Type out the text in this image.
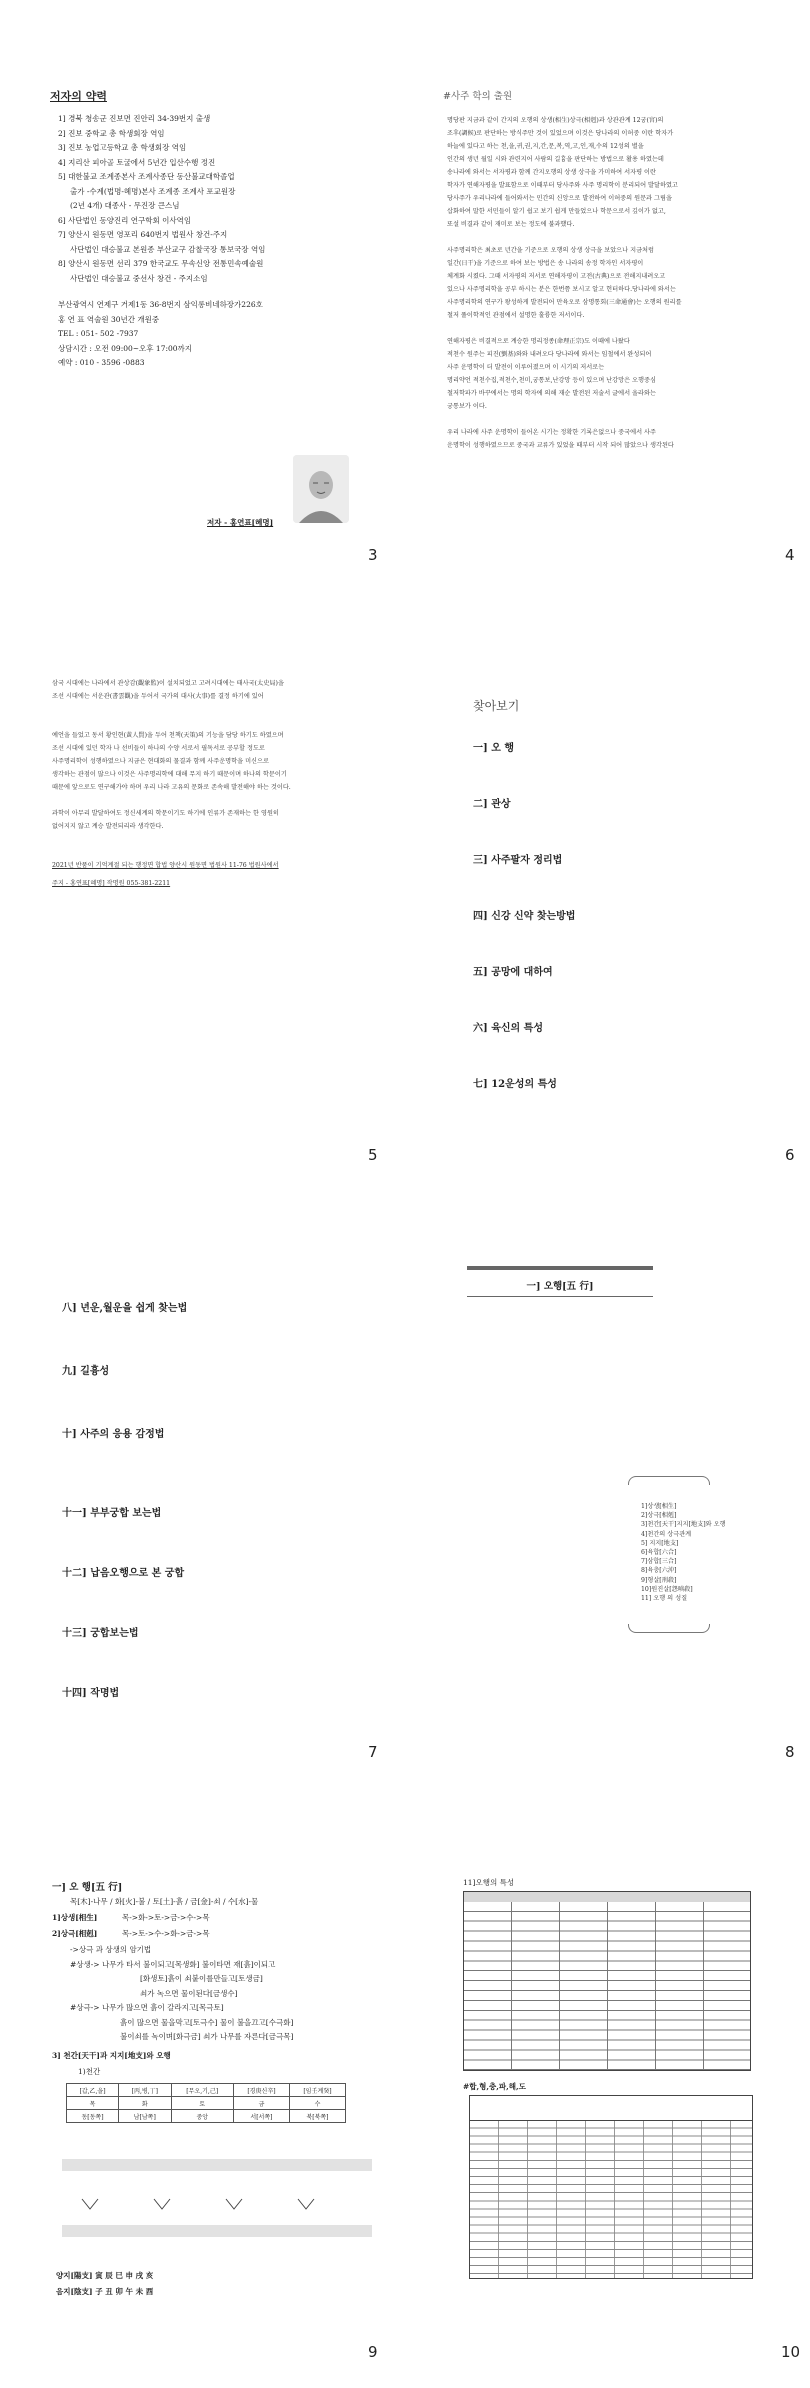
저자의 약력
1] 경북 청송군 진보면 진안리 34-39번지 출생
2] 진보 중학교 총 학생회장 역임
3] 진보 농업고등학교 총 학생회장 역임
4] 지리산 피아골 토굴에서 5년간 입산수행 정진
5] 대한불교 조계종본사 조계사종단 동산불교대학졸업
출가 -수계(법명-혜명)본사 조계종 조계사 포교원장
(2년 4개) 대종사 - 무진장 큰스님
6] 사단법인 동양진리 연구학회 이사역임
7] 양산시 원동면 영포리 640번지 법원사 창건-주지
사단법인 대승불교 본원종 부산교구 감찰국장 통보국장 역임
8] 양산시 원동면 선리 379 한국교도 무속신앙 전통민속예술원
사단법인 대승불교 중선사 창건 - 주지소임
부산광역시 연제구 거제1동 36-8번지 삼익롱비네하장가226호
홍 연 표 역술원 30년간 개원중
TEL : 051- 502 -7937
상담시간 : 오전 09:00~오후 17:00까지
예약 : 010 - 3596 -0883
저자 - 홍연표[혜명]
3
#사주 학의 출원
명당판 지금과 같이 간지의 오행의 상생(相生)상극(相剋)과 상관관계 12궁(宮)의
조후(調候)로 판단하는 방식주만 것이 있었으며 이것은 당나라의 이허중 이란 학자가
하늘에 있다고 하는 천,을,귀,권,지,간,문,복,역,고,인,재,수의 12성의 별을
인간의 생년 월일 시와 관련지어 사람의 길흉을 판단하는 방법으로 활용 하였는데
송나라에 와서는 서자평과 함께 간지오행의 상생 상극을 가미하여 서자평 이란
학자가 연해자평을 발표함으로 이때부터 당사주와 사주 명리학이 분리되어 발달하였고
당사주가 우리나라에 들어와서는 민간의 신앙으로 발전하여 이허중의 원문과 그림을
삽화하여 말한 서민들이 알기 쉽고 보기 쉽게 만들었으나 학문으로서 깊이가 없고,
또설 비결과 같이 재미로 보는 정도에 불과했다.
사주명리학은 최초로 년간을 기준으로 오행의 상생 상극을 보았으나 지금처럼
일간(日干)을 기준으로 하여 보는 방법은 송 나라의 송정 학자인 서자평이
체계화 시켰다. 그때 서자평의 저서로 연해자평이 고전(古典)으로 전해지내려오고
있으나 사주명리학을 공부 하시는 분은 한번쯤 보시고 알고 헌터하다.당나라에 와서는
사주명리학의 연구가 왕성하게 발전되어 만육오로 삼명통회(三命通會)는 오행의 원리를
철저 풀이학적인 관점에서 설명한 훌륭한 저서이다.
연해자평은 비결적으로 계승한 명리정종(命理正宗)도 이때에 나왔다
적천수 원주는 피진(劉基)와와 내려오다 당나라에 와서는 임철에서 완성되어
사주 운명학이 더 발전이 이루어졌으며 이 시기의 저서로는
명리약언 적천수집,적천수,천미,궁통보,난강망 등이 있으며 난강망은 오행중심
철저학파가 바꾸에서는 명의 학자에 의해 재순 발전된 저술서 글에서 올라와는
궁통보가 이다.
우리 나라에 사주 운명학이 들어온 시기는 정확한 기록은없으나 중국에서 사주
운명학이 성행하였으므로 중국과 교류가 있었을 때부터 시작 되어 많았으나 생각된다
4
삼국 시대에는 나라에서 관상감(觀象監)이 설치되었고 고려시대에는 태사국(太史局)을
조선 시대에는 서운관(書雲觀)을 두어서 국가의 대사(大事)를 결정 하기에 있어
예언을 들었고 동서 황인현(黃人賢)을 두어 천책(天策)의 기능을 담당 하기도 하였으며
조선 시대에 있던 학자 나 선비들이 하나의 수양 서로서 필독서로 공부할 정도로
사주명리학이 성행하였으나 지금은 현대화의 물결과 함께 사주운명학을 미신으로
생각하는 관점이 많으나 이것은 사주명리학에 대해 무지 하기 때문이며 하나의 학문이기
때문에 앞으로도 연구해가야 하며 우리 나라 고유의 문화로 존속해 발전해야 하는 것이다.
과학이 아무리 발달하여도 정신세계의 학문이기도 하기에 인류가 존재하는 한 영원히
없어지지 않고 계승 발전되리라 생각한다.
2021년 반품이 기억계절 되는 행정면 합법 양산시 원동면 법원사 11-76 법원사에서
주지 - 홍연표[혜명] 작명원 055-381-2211
5
찾아보기
一] 오 행
二] 관상
三] 사주팔자 정리법
四] 신강 신약 찾는방법
五] 공망에 대하여
六] 육신의 특성
七] 12운성의 특성
6
八] 년운,월운을 쉽게 찾는법
九] 길흉성
十] 사주의 응용 감정법
十一] 부부궁합 보는법
十二] 납음오행으로 본 궁합
十三] 궁합보는법
十四] 작명법
7
一] 오행[五 行]
1]상생[相生]
2]상극[相剋]
3]천간[天干]지지[地支]와 오행
4]천간의 상극관계
5] 지지[地支]
6]육합[六合]
7]삼합[三合]
8]육충[六沖]
9]형살[刑殺]
10]원진살[怨嗔殺]
11] 오행 의 성질
8
一] 오 행[五 行]
목[木]-나무 / 화[火]-불 / 토[土]-흙 / 금[金]-쇠 / 수[水]-물
1]상생[相生]	목->화->토->금->수->목
2]상극[相剋]	목->토->수->화->금->목
->상극 과 상생의 암기법
#상생-> 나무가 타서 불이되고[목생화] 불이타면 재[흙]이되고
[화생토]흙이 쇠붙이를만들고[토생금]
쇠가 녹으면 물이된다[금생수]
#상극-> 나무가 많으면 흙이 갈라지고[목극토]
흙이 많으면 물을막고[토극수] 물이 불을끄고[수극화]
불이쇠를 녹이며[화극금] 쇠가 나무를 자른다[금극목]
3] 천간[天干]과 지지[地支]와 오행
1)천간
[갑,乙,을]	[丙,병,丁]	[무오,기,己]	[경庚신辛]	[임壬계癸]
목	화	토	금	수
동[동쪽]	남[남쪽]	중앙	서[서쪽]	북[북쪽]
양지[陽支] 寅 辰 巳 申 戌 亥
음지[陰支] 子 丑 卯 午 未 酉
9
11]오행의 특성
#합,형,충,파,해,도
10
